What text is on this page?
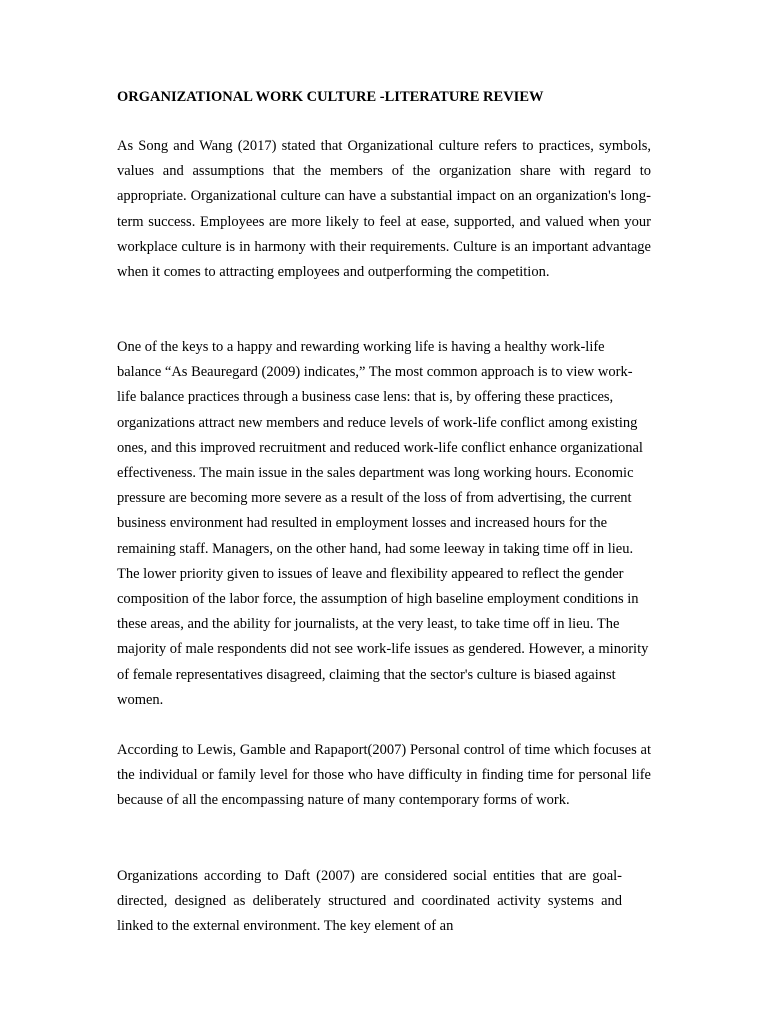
ORGANIZATIONAL WORK CULTURE -LITERATURE REVIEW

As Song and Wang (2017) stated that Organizational culture refers to practices, symbols, values and assumptions that the members of the organization share with regard to appropriate. Organizational culture can have a substantial impact on an organization's long-term success. Employees are more likely to feel at ease, supported, and valued when your workplace culture is in harmony with their requirements. Culture is an important advantage when it comes to attracting employees and outperforming the competition.

One of the keys to a happy and rewarding working life is having a healthy work-life balance “As Beauregard (2009) indicates,” The most common approach is to view work-life balance practices through a business case lens: that is, by offering these practices, organizations attract new members and reduce levels of work-life conflict among existing ones, and this improved recruitment and reduced work-life conflict enhance organizational effectiveness. The main issue in the sales department was long working hours. Economic pressure are becoming more severe as a result of the loss of from advertising, the current business environment had resulted in employment losses and increased hours for the remaining staff. Managers, on the other hand, had some leeway in taking time off in lieu. The lower priority given to issues of leave and flexibility appeared to reflect the gender composition of the labor force, the assumption of high baseline employment conditions in these areas, and the ability for journalists, at the very least, to take time off in lieu. The majority of male respondents did not see work-life issues as gendered. However, a minority of female representatives disagreed, claiming that the sector's culture is biased against women.

According to Lewis, Gamble and Rapaport(2007) Personal control of time which focuses at the individual or family level for those who have difficulty in finding time for personal life because of all the encompassing nature of many contemporary forms of work.

Organizations according to Daft (2007) are considered social entities that are goal- directed, designed as deliberately structured and coordinated activity systems and linked to the external environment. The key element of an
